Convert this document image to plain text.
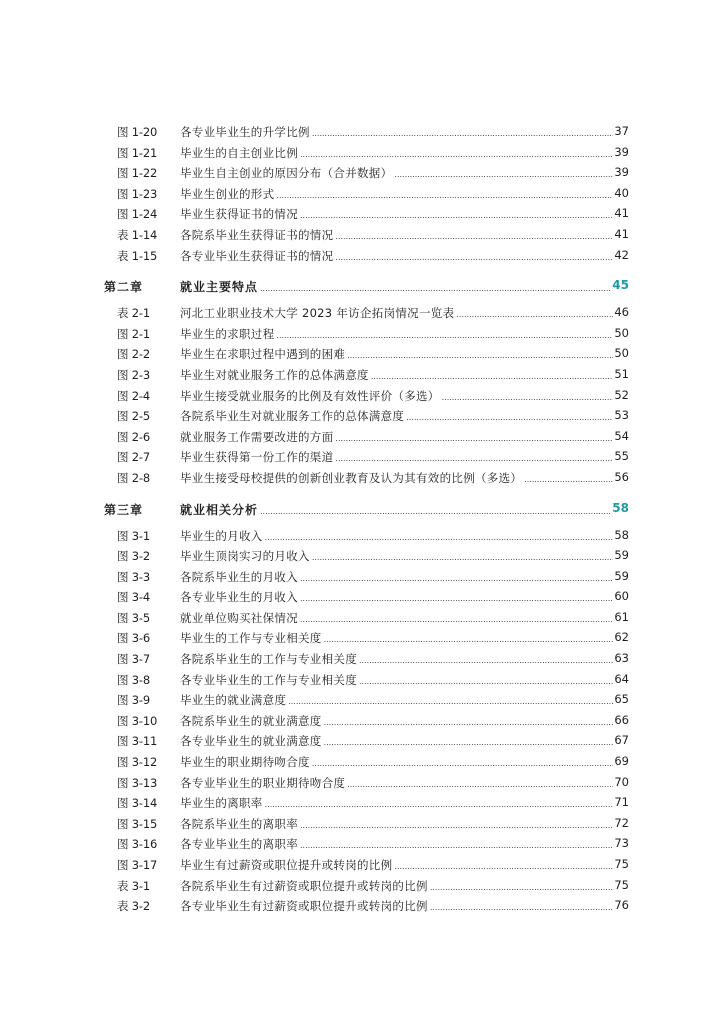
图 1-20 各专业毕业生的升学比例 .....	37
图 1-21 毕业生的自主创业比例 .....	39
图 1-22 毕业生自主创业的原因分布（合并数据） .....	39
图 1-23 毕业生创业的形式 .....	40
图 1-24 毕业生获得证书的情况 .....	41
表 1-14 各院系毕业生获得证书的情况 .....	41
表 1-15 各专业毕业生获得证书的情况 .....	42
第二章	就业主要特点 .....	45
表 2-1	河北工业职业技术大学 2023 年访企拓岗情况一览表 .....	46
图 2-1	毕业生的求职过程 .....	50
图 2-2	毕业生在求职过程中遇到的困难 .....	50
图 2-3	毕业生对就业服务工作的总体满意度 .....	51
图 2-4	毕业生接受就业服务的比例及有效性评价（多选） .....	52
图 2-5	各院系毕业生对就业服务工作的总体满意度 .....	53
图 2-6	就业服务工作需要改进的方面 .....	54
图 2-7	毕业生获得第一份工作的渠道 .....	55
图 2-8	毕业生接受母校提供的创新创业教育及认为其有效的比例（多选） .....	56
第三章	就业相关分析 .....	58
图 3-1	毕业生的月收入 .....	58
图 3-2	毕业生顶岗实习的月收入 .....	59
图 3-3	各院系毕业生的月收入 .....	59
图 3-4	各专业毕业生的月收入 .....	60
图 3-5	就业单位购买社保情况 .....	61
图 3-6	毕业生的工作与专业相关度 .....	62
图 3-7	各院系毕业生的工作与专业相关度 .....	63
图 3-8	各专业毕业生的工作与专业相关度 .....	64
图 3-9	毕业生的就业满意度 .....	65
图 3-10 各院系毕业生的就业满意度 .....	66
图 3-11 各专业毕业生的就业满意度 .....	67
图 3-12 毕业生的职业期待吻合度 .....	69
图 3-13 各专业毕业生的职业期待吻合度 .....	70
图 3-14 毕业生的离职率 .....	71
图 3-15 各院系毕业生的离职率 .....	72
图 3-16 各专业毕业生的离职率 .....	73
图 3-17 毕业生有过薪资或职位提升或转岗的比例 .....	75
表 3-1	各院系毕业生有过薪资或职位提升或转岗的比例 .....	75
表 3-2	各专业毕业生有过薪资或职位提升或转岗的比例 .....	76
